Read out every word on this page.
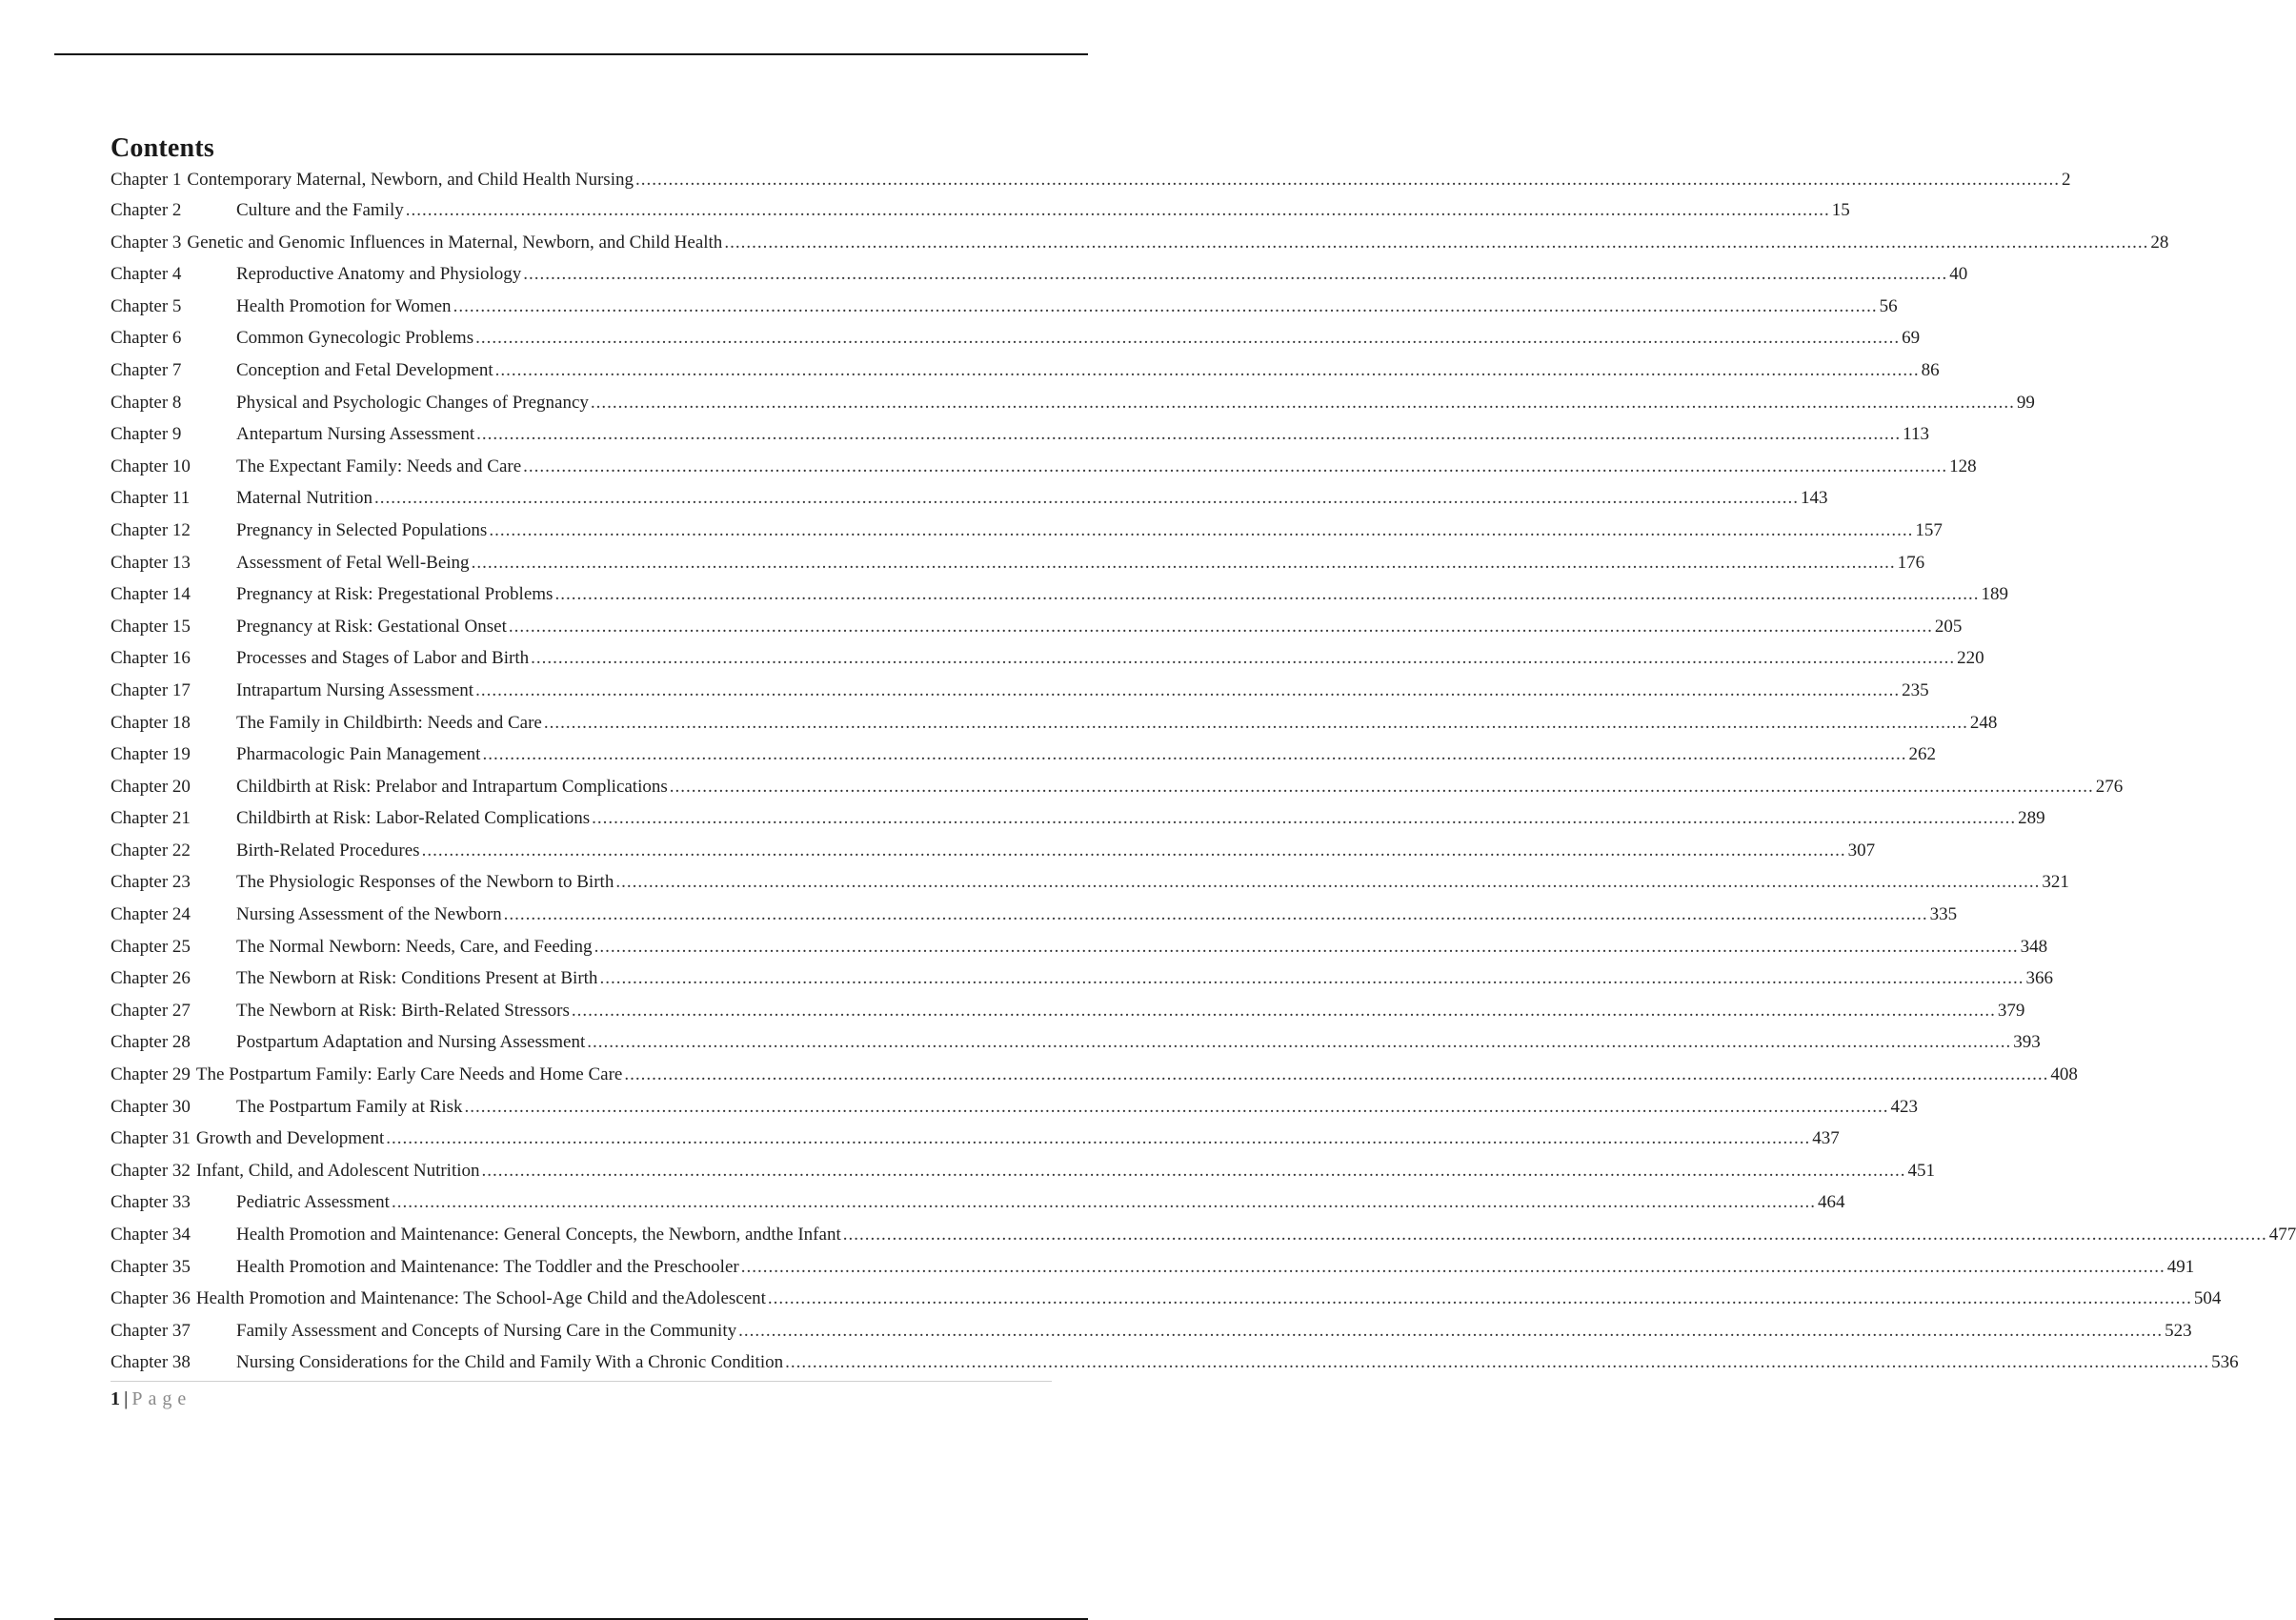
Contents
Chapter 1 Contemporary Maternal, Newborn, and Child Health Nursing .....	2
Chapter 2	Culture and the Family .....	15
Chapter 3 Genetic and Genomic Influences in Maternal, Newborn, and Child Health .....	28
Chapter 4	Reproductive Anatomy and Physiology .....	40
Chapter 5	Health Promotion for Women .....	56
Chapter 6	Common Gynecologic Problems .....	69
Chapter 7	Conception and Fetal Development .....	86
Chapter 8	Physical and Psychologic Changes of Pregnancy .....	99
Chapter 9	Antepartum Nursing Assessment .....	113
Chapter 10	The Expectant Family: Needs and Care .....	128
Chapter 11	Maternal Nutrition .....	143
Chapter 12	Pregnancy in Selected Populations .....	157
Chapter 13	Assessment of Fetal Well-Being .....	176
Chapter 14	Pregnancy at Risk: Pregestational Problems .....	189
Chapter 15	Pregnancy at Risk: Gestational Onset .....	205
Chapter 16	Processes and Stages of Labor and Birth .....	220
Chapter 17	Intrapartum Nursing Assessment .....	235
Chapter 18	The Family in Childbirth: Needs and Care .....	248
Chapter 19	Pharmacologic Pain Management .....	262
Chapter 20	Childbirth at Risk: Prelabor and Intrapartum Complications .....	276
Chapter 21	Childbirth at Risk: Labor-Related Complications .....	289
Chapter 22	Birth-Related Procedures .....	307
Chapter 23	The Physiologic Responses of the Newborn to Birth .....	321
Chapter 24	Nursing Assessment of the Newborn .....	335
Chapter 25	The Normal Newborn: Needs, Care, and Feeding .....	348
Chapter 26	The Newborn at Risk: Conditions Present at Birth .....	366
Chapter 27	The Newborn at Risk: Birth-Related Stressors .....	379
Chapter 28	Postpartum Adaptation and Nursing Assessment .....	393
Chapter 29 The Postpartum Family: Early Care Needs and Home Care .....	408
Chapter 30	The Postpartum Family at Risk .....	423
Chapter 31 Growth and Development .....	437
Chapter 32 Infant, Child, and Adolescent Nutrition .....	451
Chapter 33	Pediatric Assessment .....	464
Chapter 34	Health Promotion and Maintenance: General Concepts, the Newborn, andthe Infant .....	477
Chapter 35	Health Promotion and Maintenance: The Toddler and the Preschooler .....	491
Chapter 36 Health Promotion and Maintenance: The School-Age Child and theAdolescent .....	504
Chapter 37	Family Assessment and Concepts of Nursing Care in the Community .....	523
Chapter 38	Nursing Considerations for the Child and Family With a Chronic Condition .....	536
1 | Page
